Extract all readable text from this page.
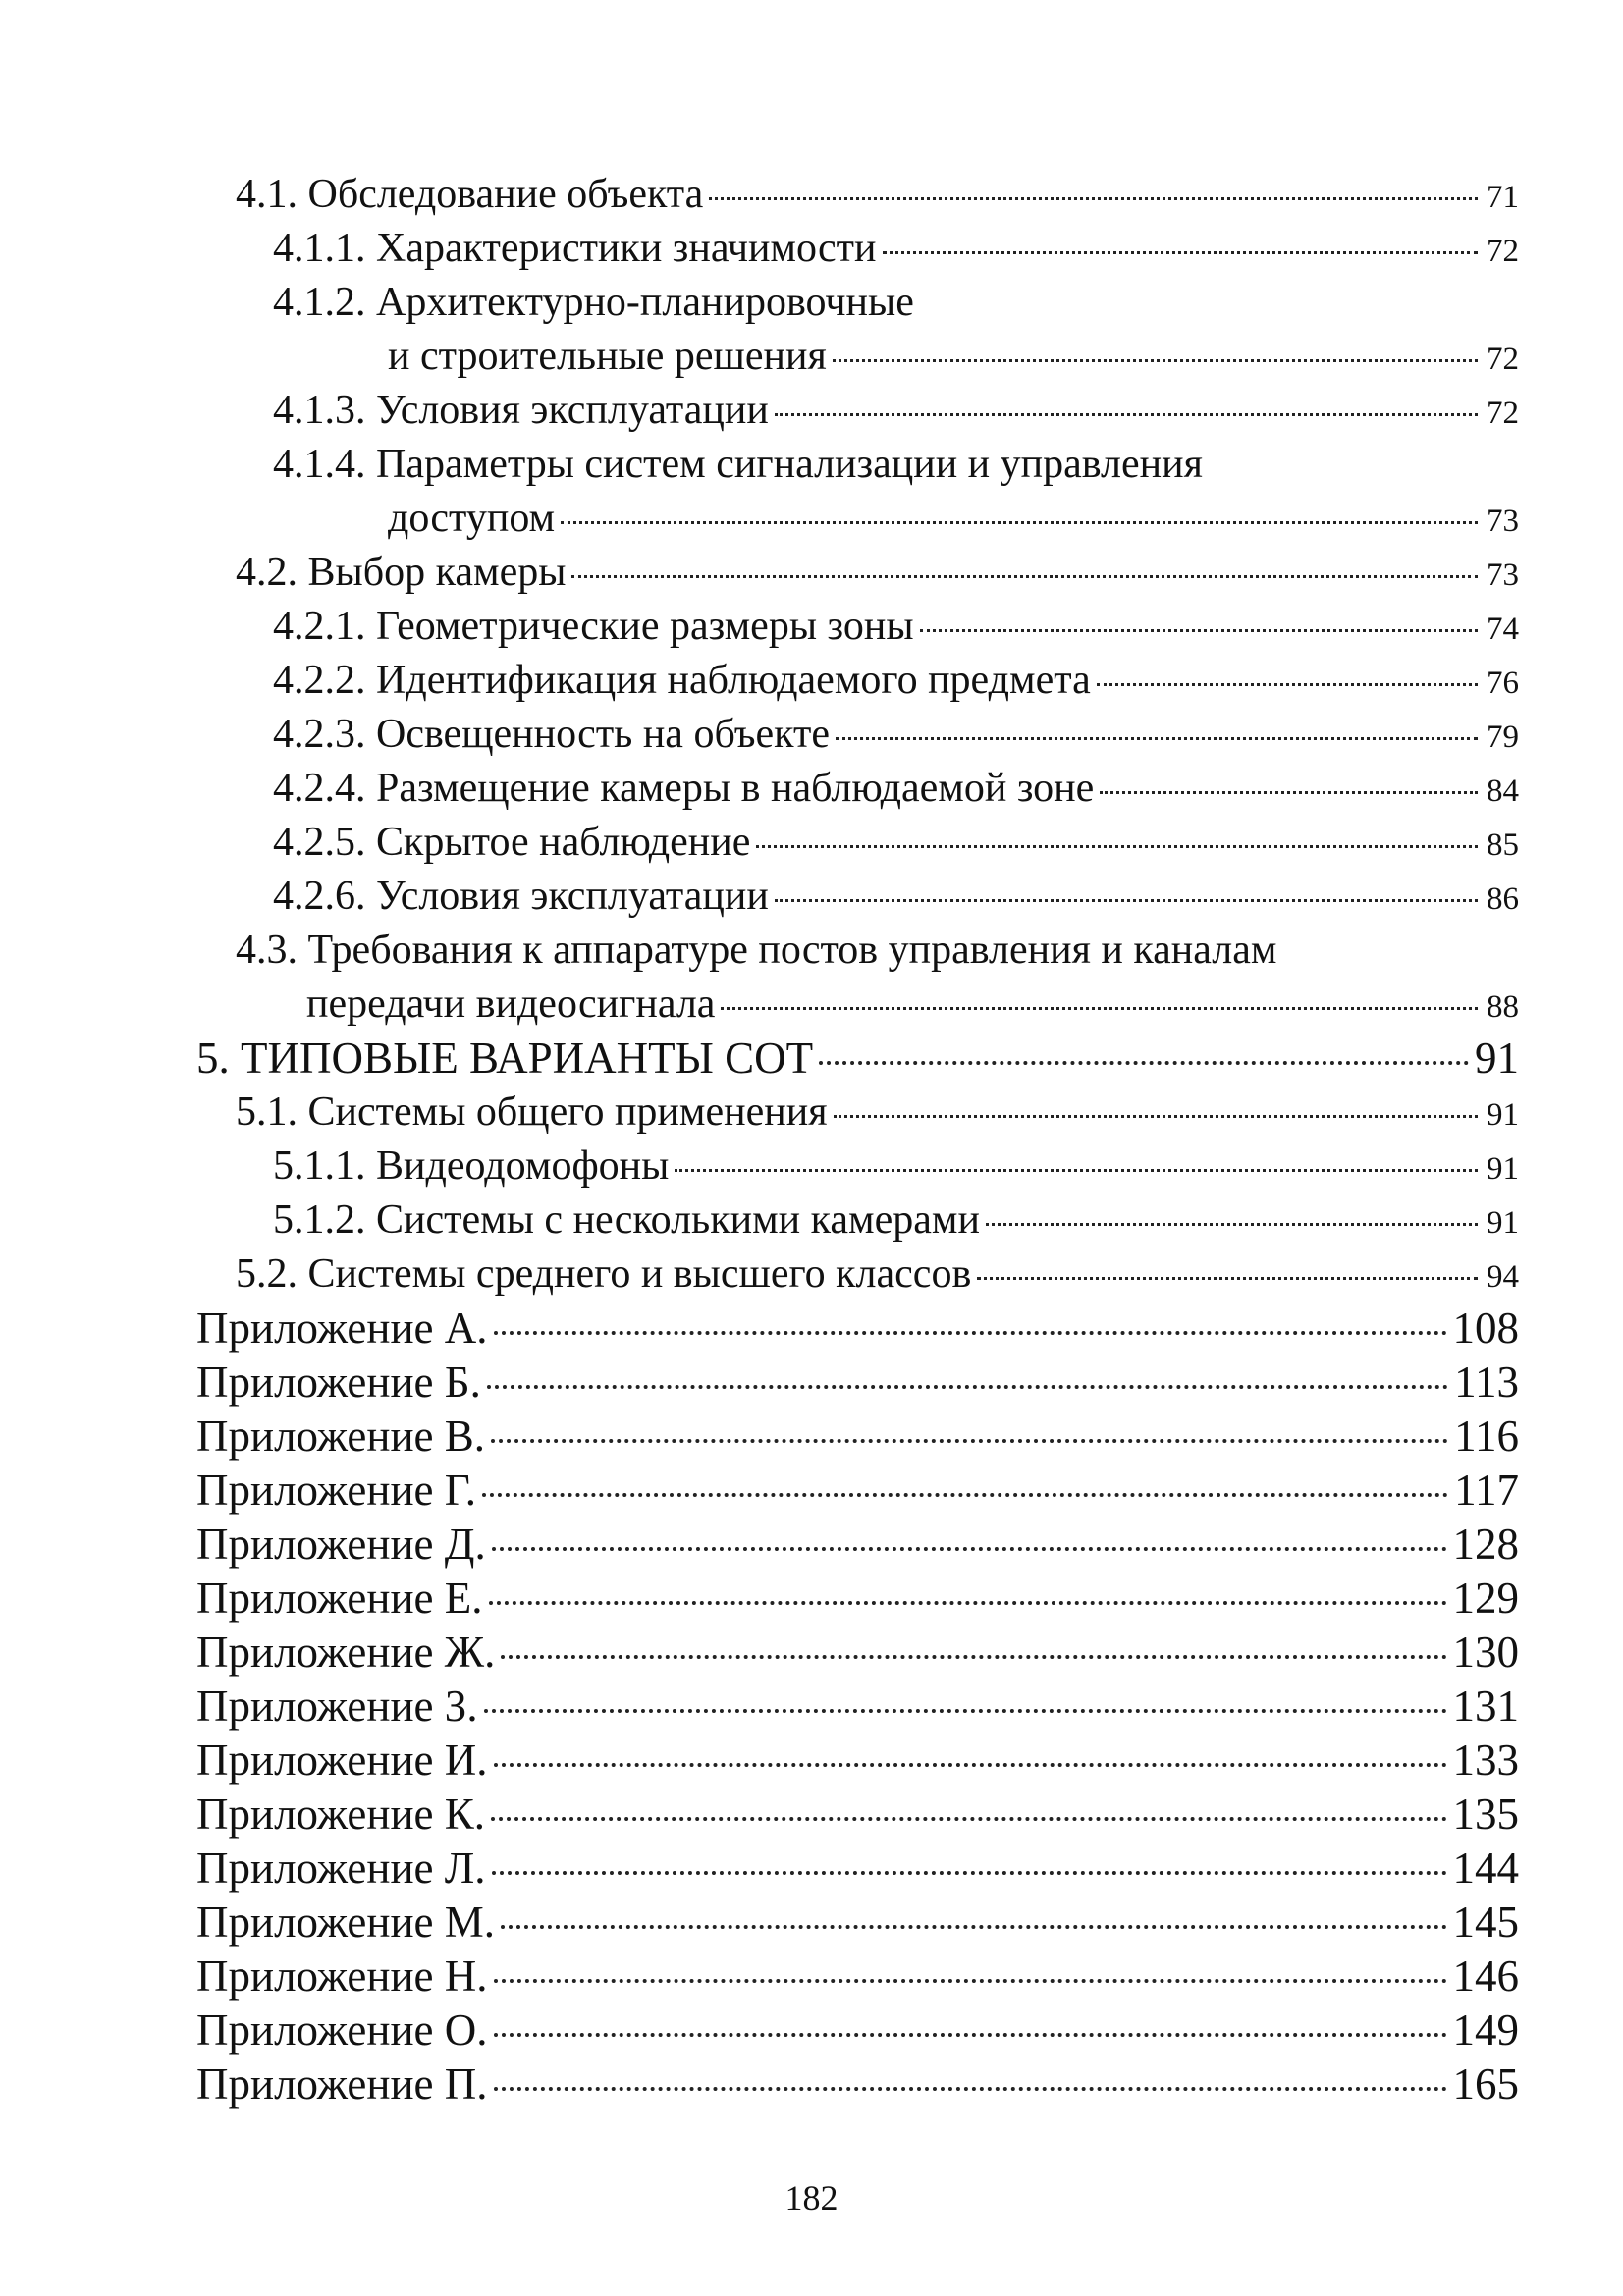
4.1. Обследование объекта	71
4.1.1. Характеристики значимости	72
4.1.2. Архитектурно-планировочные
и строительные решения	72
4.1.3. Условия эксплуатации	72
4.1.4. Параметры систем сигнализации и управления
доступом	73
4.2. Выбор камеры	73
4.2.1. Геометрические размеры зоны	74
4.2.2. Идентификация наблюдаемого предмета	76
4.2.3. Освещенность на объекте	79
4.2.4. Размещение камеры в наблюдаемой зоне	84
4.2.5. Скрытое наблюдение	85
4.2.6. Условия эксплуатации	86
4.3. Требования к аппаратуре постов управления и каналам
передачи видеосигнала	88
5. ТИПОВЫЕ ВАРИАНТЫ СОТ	91
5.1. Системы общего применения	91
5.1.1. Видеодомофоны	91
5.1.2. Системы с несколькими камерами	91
5.2. Системы среднего и высшего классов	94
Приложение А.	108
Приложение Б.	113
Приложение В.	116
Приложение Г.	117
Приложение Д.	128
Приложение Е.	129
Приложение Ж.	130
Приложение З.	131
Приложение И.	133
Приложение К.	135
Приложение Л.	144
Приложение М.	145
Приложение Н.	146
Приложение О.	149
Приложение П.	165
182
